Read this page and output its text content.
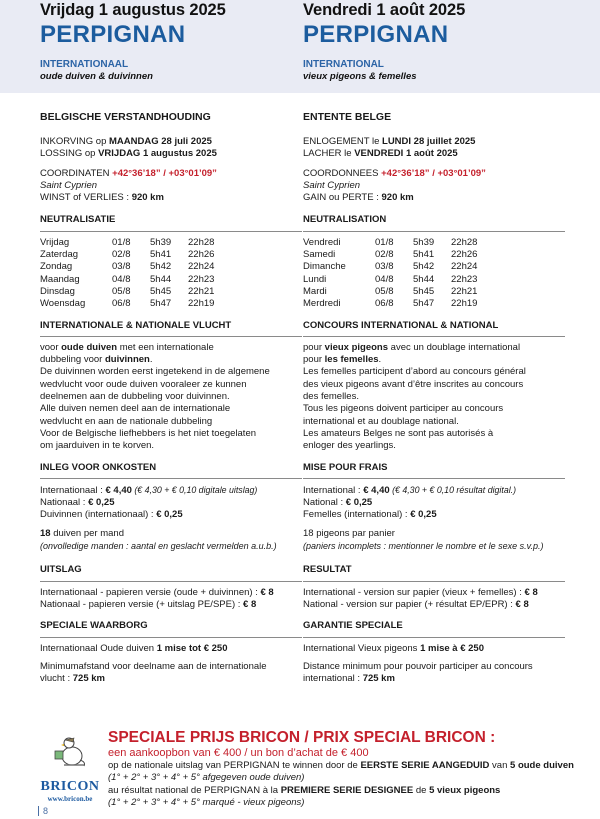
Vrijdag 1 augustus 2025
PERPIGNAN
INTERNATIONAAL
oude duiven & duivinnen
Vendredi 1 août 2025
PERPIGNAN
INTERNATIONAL
vieux pigeons & femelles
BELGISCHE VERSTANDHOUDING
INKORVING op MAANDAG 28 juli 2025
LOSSING op VRIJDAG 1 augustus 2025
COORDINATEN +42°36’18” / +03°01’09”
Saint Cyprien
WINST of VERLIES : 920 km
NEUTRALISATIE
Vrijdag	01/8	5h39	22h28
Zaterdag	02/8	5h41	22h26
Zondag	03/8	5h42	22h24
Maandag	04/8	5h44	22h23
Dinsdag	05/8	5h45	22h21
Woensdag	06/8	5h47	22h19
INTERNATIONALE & NATIONALE VLUCHT
voor oude duiven met een internationale
dubbeling voor duivinnen.
De duivinnen worden eerst ingetekend in de algemene
wedvlucht voor oude duiven vooraleer ze kunnen
deelnemen aan de dubbeling voor duivinnen.
Alle duiven nemen deel aan de internationale
wedvlucht en aan de nationale dubbeling
Voor de Belgische liefhebbers is het niet toegelaten
om jaarduiven in te korven.
INLEG VOOR ONKOSTEN
Internationaal : € 4,40 (€ 4,30 + € 0,10 digitale uitslag)
Nationaal : € 0,25
Duivinnen (internationaal) : € 0,25
18 duiven per mand
(onvolledige manden : aantal en geslacht vermelden a.u.b.)
UITSLAG
Internationaal - papieren versie (oude + duivinnen) : € 8
Nationaal - papieren versie (+ uitslag PE/SPE) : € 8
SPECIALE WAARBORG
Internationaal Oude duiven 1 mise tot € 250
Minimumafstand voor deelname aan de internationale
vlucht : 725 km
ENTENTE BELGE
ENLOGEMENT le LUNDI 28 juillet 2025
LACHER le VENDREDI 1 août 2025
COORDONNEES +42°36’18” / +03°01’09”
Saint Cyprien
GAIN ou PERTE : 920 km
NEUTRALISATION
Vendredi	01/8	5h39	22h28
Samedi	02/8	5h41	22h26
Dimanche	03/8	5h42	22h24
Lundi	04/8	5h44	22h23
Mardi	05/8	5h45	22h21
Merdredi	06/8	5h47	22h19
CONCOURS INTERNATIONAL & NATIONAL
pour vieux pigeons avec un doublage international
pour les femelles.
Les femelles participent d’abord au concours général
des vieux pigeons avant d’être inscrites au concours
des femelles.
Tous les pigeons doivent participer au concours
international et au doublage national.
Les amateurs Belges ne sont pas autorisés à
enloger des yearlings.
MISE POUR FRAIS
International : € 4,40 (€ 4,30 + € 0,10 résultat digital.)
National : € 0,25
Femelles (international) : € 0,25
18 pigeons par panier
(paniers incomplets : mentionner le nombre et le sexe s.v.p.)
RESULTAT
International - version sur papier (vieux + femelles) : € 8
National - version sur papier (+ résultat EP/EPR) : € 8
GARANTIE SPECIALE
International Vieux pigeons 1 mise à € 250
Distance minimum pour pouvoir participer au concours
international : 725 km
BRICON
www.bricon.be
SPECIALE PRIJS BRICON / PRIX SPECIAL BRICON :
een aankoopbon van € 400 / un bon d’achat de € 400
op de nationale uitslag van PERPIGNAN te winnen door de EERSTE SERIE AANGEDUID van 5 oude duiven
(1° + 2° + 3° + 4° + 5° afgegeven oude duiven)
au résultat national de PERPIGNAN à la PREMIERE SERIE DESIGNEE de 5 vieux pigeons
(1° + 2° + 3° + 4° + 5° marqué - vieux pigeons)
8
